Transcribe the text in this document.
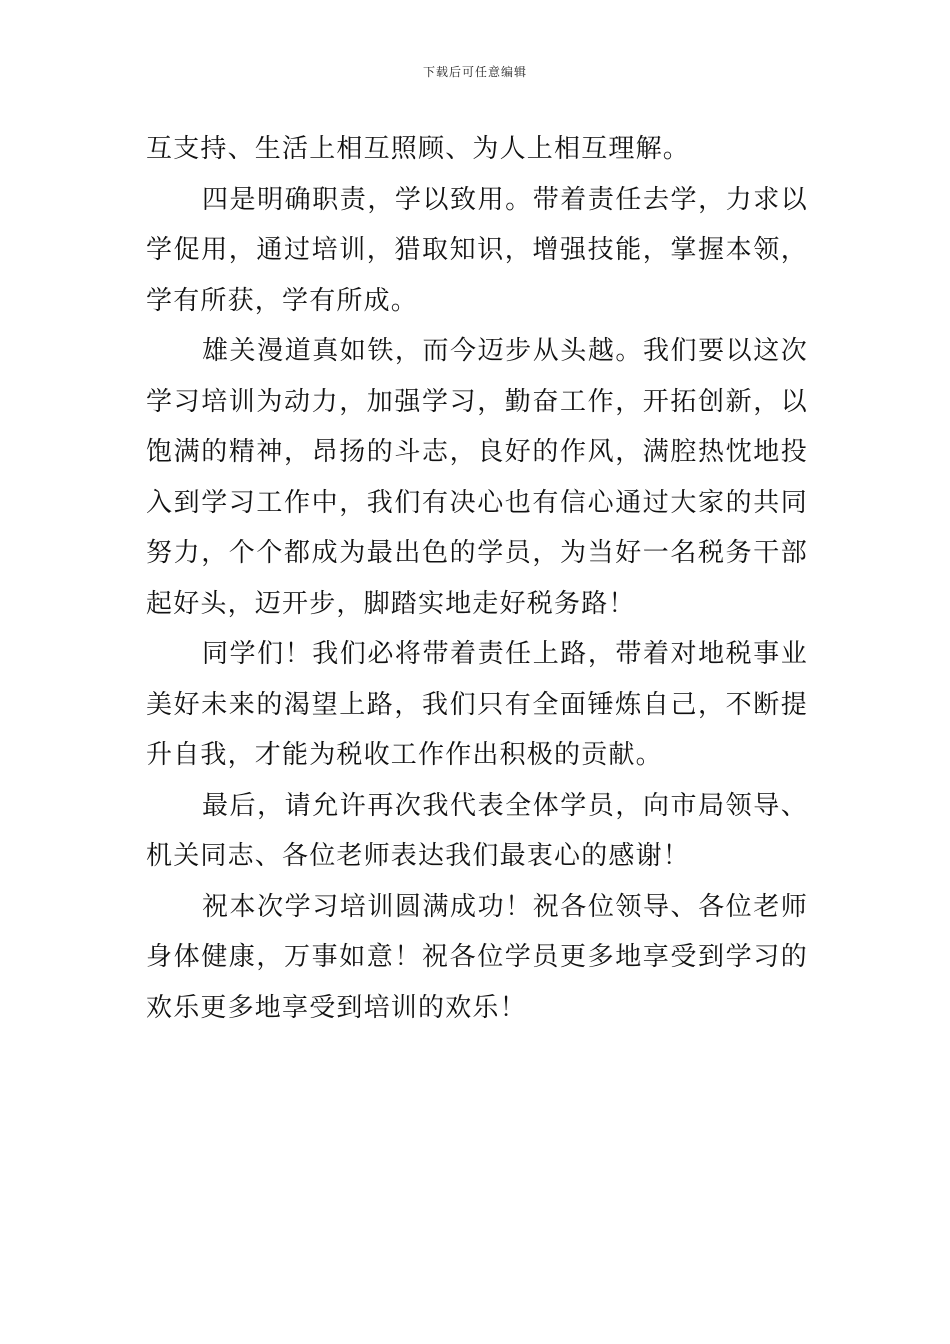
下载后可任意编辑

互支持、生活上相互照顾、为人上相互理解。

四是明确职责，学以致用。带着责任去学，力求以学促用，通过培训，猎取知识，增强技能，掌握本领，学有所获，学有所成。

雄关漫道真如铁，而今迈步从头越。我们要以这次学习培训为动力，加强学习，勤奋工作，开拓创新，以饱满的精神，昂扬的斗志，良好的作风，满腔热忱地投入到学习工作中，我们有决心也有信心通过大家的共同努力，个个都成为最出色的学员，为当好一名税务干部起好头，迈开步，脚踏实地走好税务路！

同学们！我们必将带着责任上路，带着对地税事业美好未来的渴望上路，我们只有全面锤炼自己，不断提升自我，才能为税收工作作出积极的贡献。

最后，请允许再次我代表全体学员，向市局领导、机关同志、各位老师表达我们最衷心的感谢！

祝本次学习培训圆满成功！祝各位领导、各位老师身体健康，万事如意！祝各位学员更多地享受到学习的欢乐更多地享受到培训的欢乐！
